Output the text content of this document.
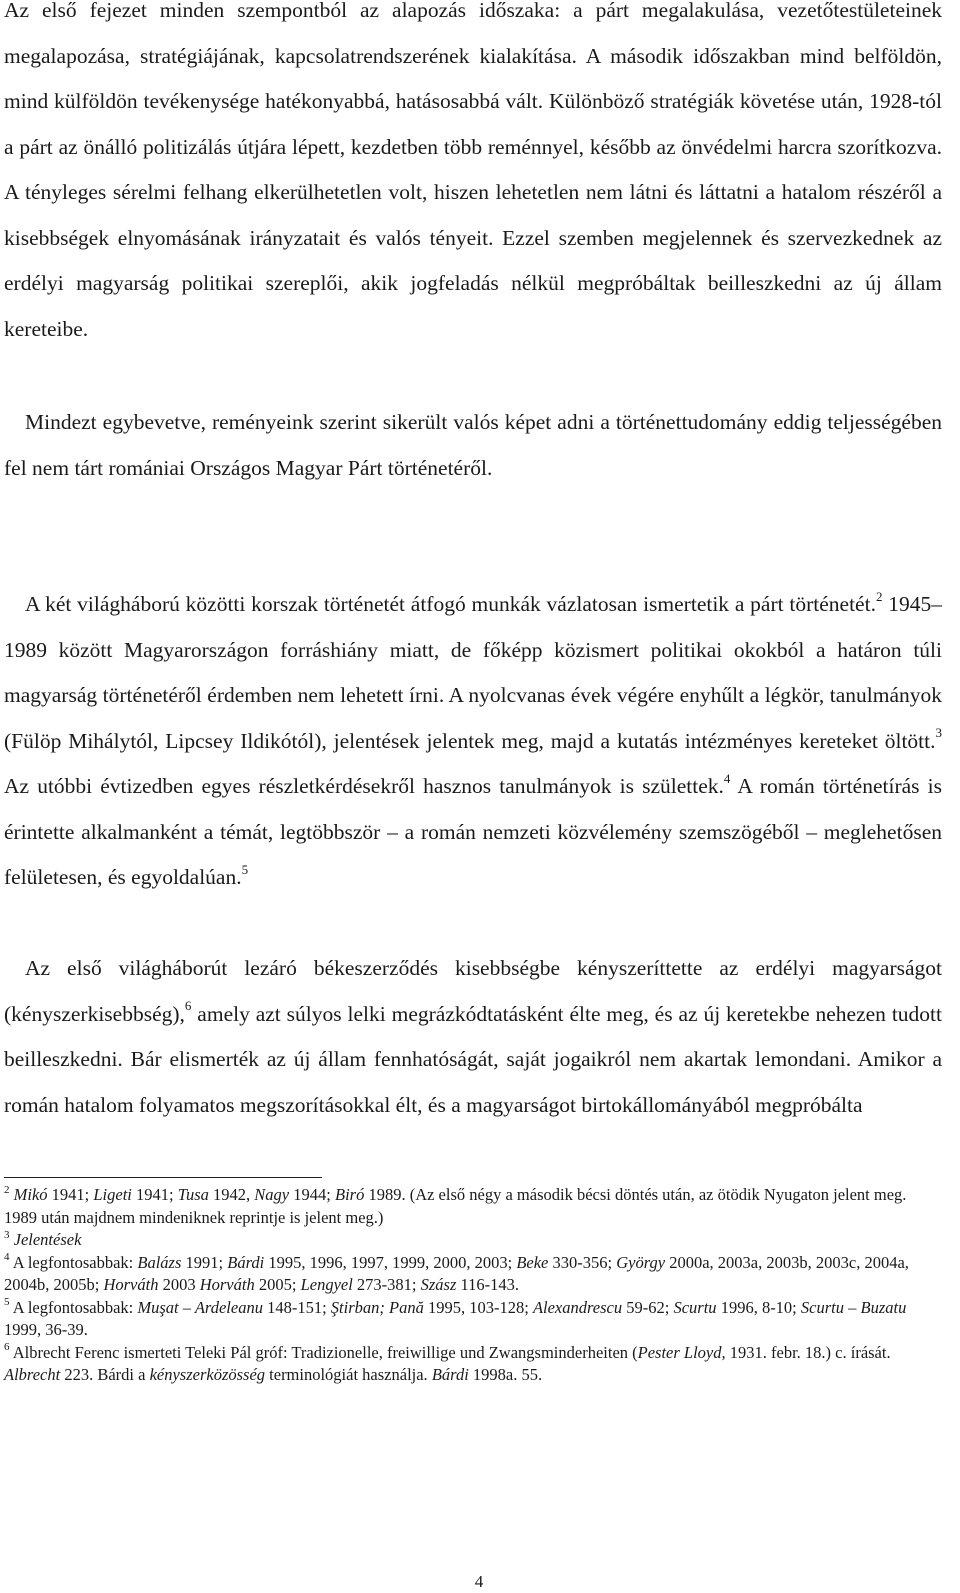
Az első fejezet minden szempontból az alapozás időszaka: a párt megalakulása, vezetőtestületeinek megalapozása, stratégiájának, kapcsolatrendszerének kialakítása. A második időszakban mind belföldön, mind külföldön tevékenysége hatékonyabbá, hatásosabbá vált. Különböző stratégiák követése után, 1928-tól a párt az önálló politizálás útjára lépett, kezdetben több reménnyel, később az önvédelmi harcra szorítkozva. A tényleges sérelmi felhang elkerülhetetlen volt, hiszen lehetetlen nem látni és láttatni a hatalom részéről a kisebbségek elnyomásának irányzatait és valós tényeit. Ezzel szemben megjelennek és szervezkednek az erdélyi magyarság politikai szereplői, akik jogfeladás nélkül megpróbáltak beilleszkedni az új állam kereteibe.

Mindezt egybevetve, reményeink szerint sikerült valós képet adni a történettudomány eddig teljességében fel nem tárt romániai Országos Magyar Párt történetéről.

A két világháború közötti korszak történetét átfogó munkák vázlatosan ismertetik a párt történetét.$^2$ 1945–1989 között Magyarországon forráshiány miatt, de főképp közismert politikai okokból a határon túli magyarság történetéről érdemben nem lehetett írni. A nyolcvanas évek végére enyhűlt a légkör, tanulmányok (Fülöp Mihálytól, Lipcsey Ildikótól), jelentések jelentek meg, majd a kutatás intézményes kereteket öltött.$^3$ Az utóbbi évtizedben egyes részletkérdésekről hasznos tanulmányok is születtek.$^4$ A román történetírás is érintette alkalmanként a témát, legtöbbször – a román nemzeti közvélemény szemszögéből – meglehetősen felületesen, és egyoldalúan.$^5$

Az első világháborút lezáró békeszerződés kisebbségbe kényszeríttette az erdélyi magyarságot (kényszerkisebbség),$^6$ amely azt súlyos lelki megrázkódtatásként élte meg, és az új keretekbe nehezen tudott beilleszkedni. Bár elismerték az új állam fennhatóságát, saját jogaikról nem akartak lemondani. Amikor a román hatalom folyamatos megszorításokkal élt, és a magyarságot birtokállományából megpróbálta

$^2$ Mikó 1941; Ligeti 1941; Tusa 1942, Nagy 1944; Biró 1989. (Az első négy a második bécsi döntés után, az ötödik Nyugaton jelent meg. 1989 után majdnem mindeniknek reprintje is jelent meg.)

$^3$ Jelentések

$^4$ A legfontosabbak: Balázs 1991; Bárdi 1995, 1996, 1997, 1999, 2000, 2003; Beke 330-356; György 2000a, 2003a, 2003b, 2003c, 2004a, 2004b, 2005b; Horváth 2003 Horváth 2005; Lengyel 273-381; Szász 116-143.

$^5$ A legfontosabbak: Muşat – Ardeleanu 148-151; Ştirban; Pană 1995, 103-128; Alexandrescu 59-62; Scurtu 1996, 8-10; Scurtu – Buzatu 1999, 36-39.

$^6$ Albrecht Ferenc ismerteti Teleki Pál gróf: Tradizionelle, freiwillige und Zwangsminderheiten (Pester Lloyd, 1931. febr. 18.) c. írását. Albrecht 223. Bárdi a kényszerközösség terminológiát használja. Bárdi 1998a. 55.

4
